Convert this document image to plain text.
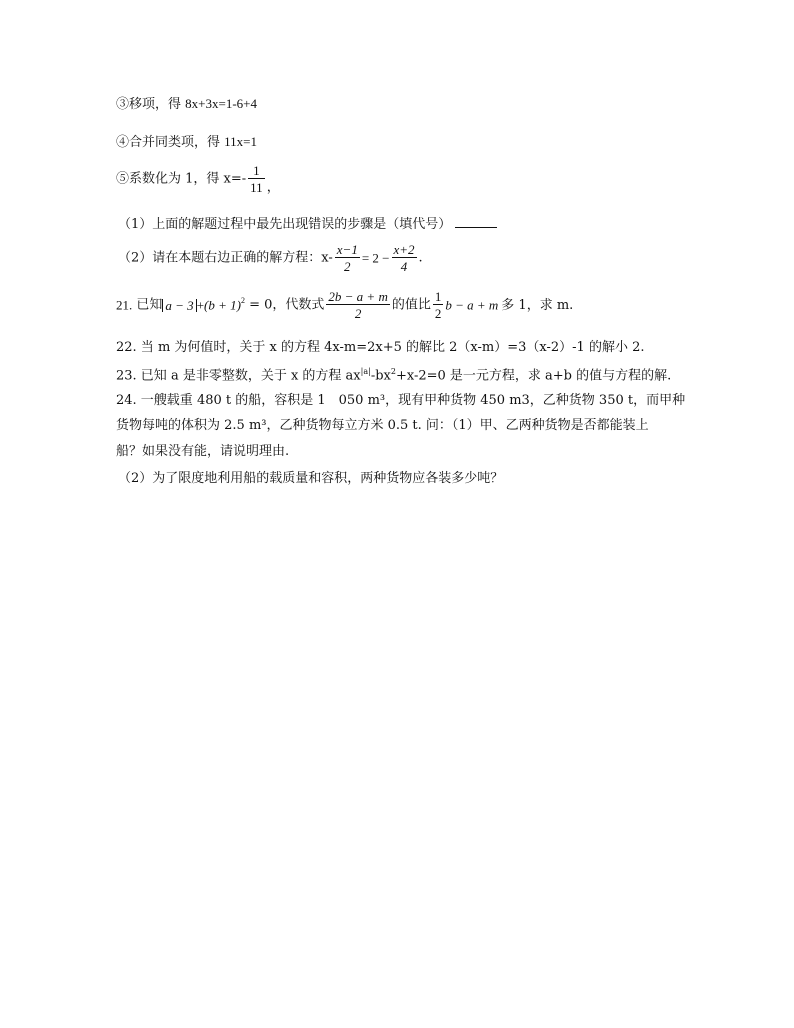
③移项，得 8x+3x=1-6+4
④合并同类项，得 11x=1
⑤系数化为 1，得 $x=- \frac{1}{11}$ ，
（1）上面的解题过程中最先出现错误的步骤是（填代号）
（2）请在本题右边正确的解方程：$x- \frac{x-1}{2} = 2 - \frac{x+2}{4}$ .
21. 已知 $a - 3 +(b + 1)^2 = 0$，代数式 $\frac{2b - a + m}{2}$ 的值比 $\frac{1}{2}$ b − a + m 多 1，求 m.
22. 当 m 为何值时，关于 x 的方程 4x-m=2x+5 的解比 2（x-m）=3（x-2）-1 的解小 2.
23. 已知 a 是非零整数，关于 x 的方程 $ax^{|a|}-bx^2+x-2=0$ 是一元方程，求 a+b 的值与方程的解.
24. 一艘载重 480 t 的船，容积是 1　050 m³，现有甲种货物 450 m3，乙种货物 350 t，而甲种
货物每吨的体积为 2.5 m³，乙种货物每立方米 0.5 t. 问：（1）甲、乙两种货物是否都能装上
船？如果没有能，请说明理由.
（2）为了限度地利用船的载质量和容积，两种货物应各装多少吨？
